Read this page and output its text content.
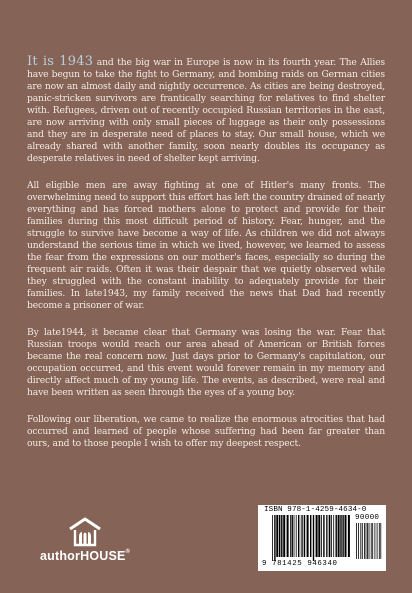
It is 1943 and the big war in Europe is now in its fourth year. The Allies have begun to take the fight to Germany, and bombing raids on German cities are now an almost daily and nightly occurrence. As cities are being destroyed, panic-stricken survivors are frantically searching for relatives to find shelter with. Refugees, driven out of recently occupied Russian territories in the east, are now arriving with only small pieces of luggage as their only possessions and they are in desperate need of places to stay. Our small house, which we already shared with another family, soon nearly doubles its occupancy as desperate relatives in need of shelter kept arriving.

All eligible men are away fighting at one of Hitler's many fronts. The overwhelming need to support this effort has left the country drained of nearly everything and has forced mothers alone to protect and provide for their families during this most difficult period of history. Fear, hunger, and the struggle to survive have become a way of life. As children we did not always understand the serious time in which we lived, however, we learned to assess the fear from the expressions on our mother's faces, especially so during the frequent air raids. Often it was their despair that we quietly observed while they struggled with the constant inability to adequately provide for their families. In late1943, my family received the news that Dad had recently become a prisoner of war.

By late1944, it became clear that Germany was losing the war. Fear that Russian troops would reach our area ahead of American or British forces became the real concern now. Just days prior to Germany's capitulation, our occupation occurred, and this event would forever remain in my memory and directly affect much of my young life. The events, as described, were real and have been written as seen through the eyes of a young boy.

Following our liberation, we came to realize the enormous atrocities that had occurred and learned of people whose suffering had been far greater than ours, and to those people I wish to offer my deepest respect.

authorHOUSE®
ISBN 978-1-4259-4634-0
90000
9 781425 946340
